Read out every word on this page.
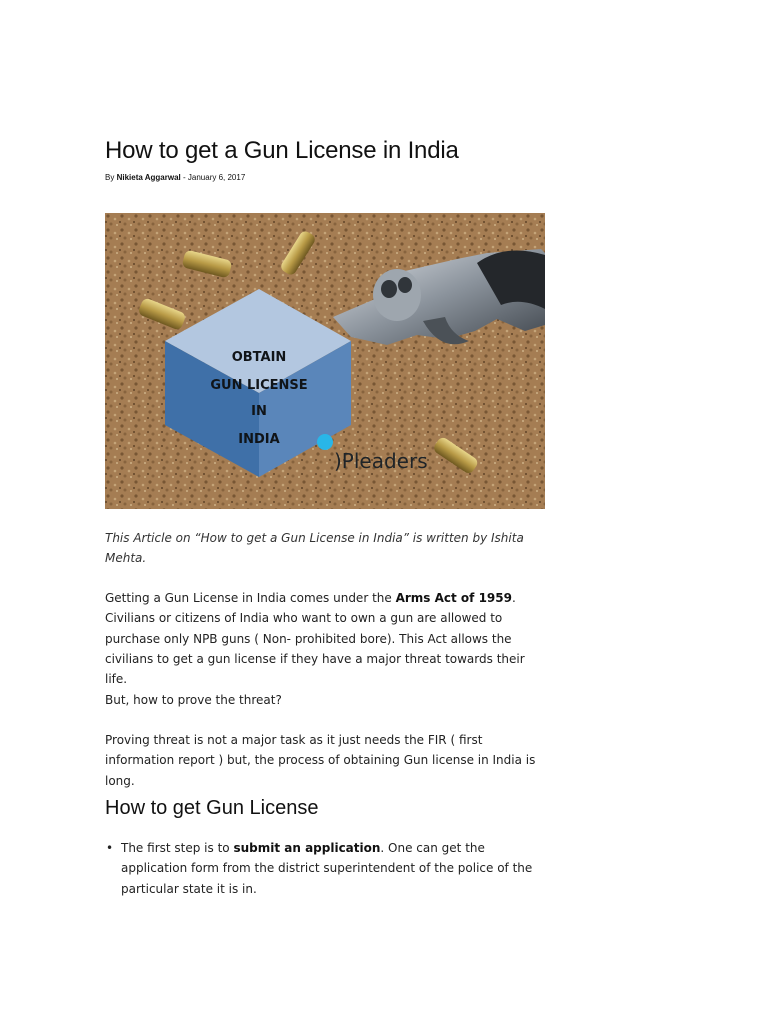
How to get a Gun License in India
By Nikieta Aggarwal - January 6, 2017
OBTAIN
GUN LICENSE
IN
INDIA
)Pleaders

This Article on “How to get a Gun License in India” is written by Ishita Mehta.

Getting a Gun License in India comes under the Arms Act of 1959. Civilians or citizens of India who want to own a gun are allowed to purchase only NPB guns ( Non- prohibited bore). This Act allows the civilians to get a gun license if they have a major threat towards their life.

But, how to prove the threat?

Proving threat is not a major task as it just needs the FIR ( first information report ) but, the process of obtaining Gun license in India is long.

How to get Gun License
• The first step is to submit an application. One can get the application form from the district superintendent of the police of the particular state it is in.
